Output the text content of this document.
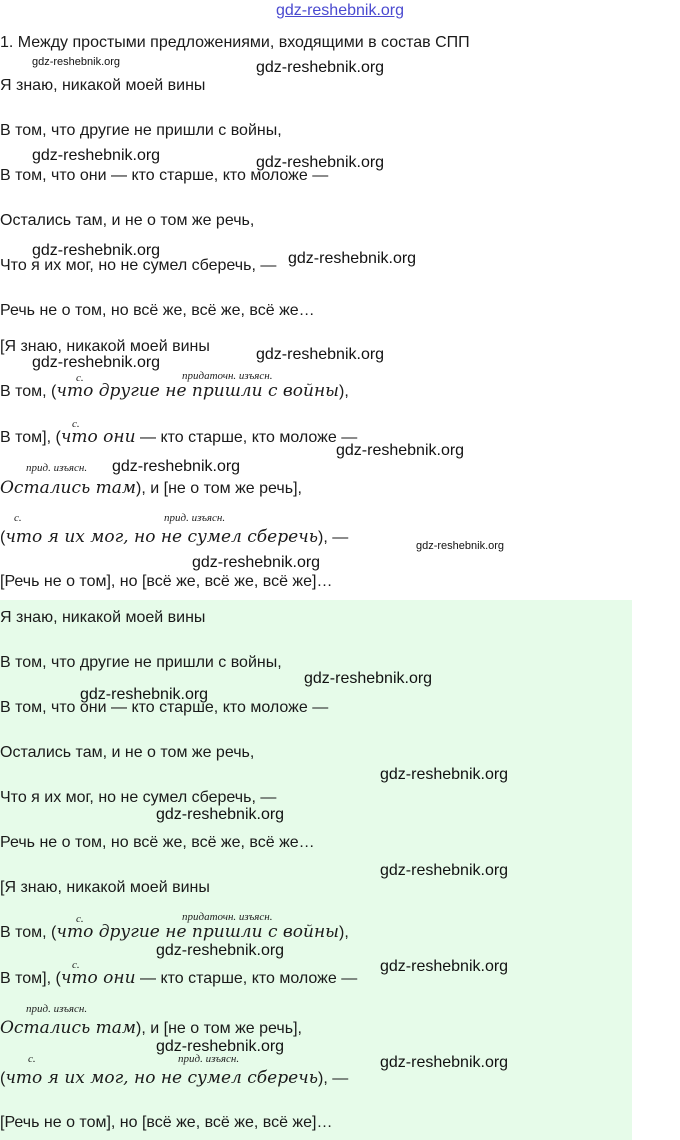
gdz-reshebnik.org
1. Между простыми предложениями, входящими в состав СПП
Я знаю, никакой моей вины
В том, что другие не пришли с войны,
В том, что они — кто старше, кто моложе —
Остались там, и не о том же речь,
Что я их мог, но не сумел сберечь, —
Речь не о том, но всё же, всё же, всё же…
[Я знаю, никакой моей вины
с.	придаточн. изъясн.
В том, (что другие не пришли с войны),
с.
В том], (что они — кто старше, кто моложе —
прид. изъясн.
Остались там), и [не о том же речь],
с.	прид. изъясн.
(что я их мог, но не сумел сберечь), —
[Речь не о том], но [всё же, всё же, всё же]…
Я знаю, никакой моей вины
В том, что другие не пришли с войны,
В том, что они — кто старше, кто моложе —
Остались там, и не о том же речь,
Что я их мог, но не сумел сберечь, —
Речь не о том, но всё же, всё же, всё же…
[Я знаю, никакой моей вины
с.	придаточн. изъясн.
В том, (что другие не пришли с войны),
с.
В том], (что они — кто старше, кто моложе —
прид. изъясн.
Остались там), и [не о том же речь],
с.	прид. изъясн.
(что я их мог, но не сумел сберечь), —
[Речь не о том], но [всё же, всё же, всё же]…
gdz-reshebnik.org	gdz-reshebnik.org
gdz-reshebnik.org	gdz-reshebnik.org
gdz-reshebnik.org	gdz-reshebnik.org
gdz-reshebnik.org
gdz-reshebnik.org
gdz-reshebnik.org
gdz-reshebnik.org
gdz-reshebnik.org
gdz-reshebnik.org
gdz-reshebnik.org
gdz-reshebnik.org
gdz-reshebnik.org
gdz-reshebnik.org
gdz-reshebnik.org
gdz-reshebnik.org
gdz-reshebnik.org
gdz-reshebnik.org
gdz-reshebnik.org
